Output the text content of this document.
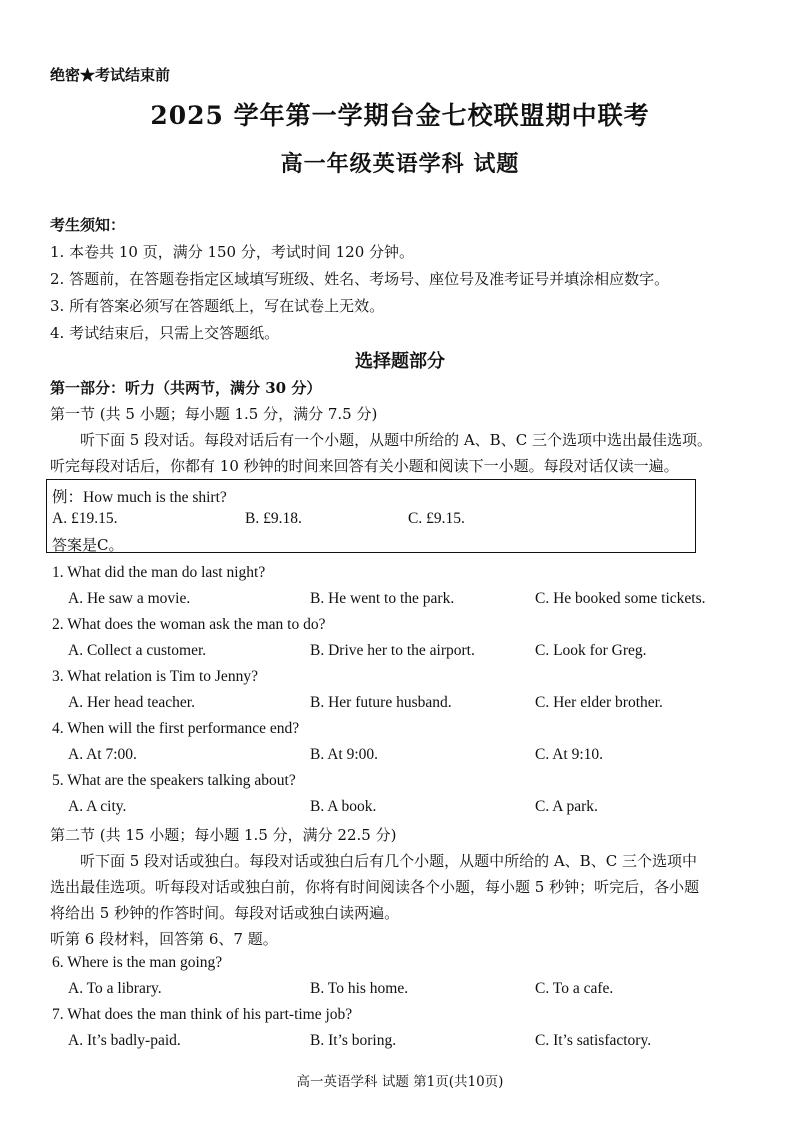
绝密★考试结束前
2025 学年第一学期台金七校联盟期中联考
高一年级英语学科 试题
考生须知：
1. 本卷共 10 页，满分 150 分，考试时间 120 分钟。
2. 答题前，在答题卷指定区域填写班级、姓名、考场号、座位号及准考证号并填涂相应数字。
3. 所有答案必须写在答题纸上，写在试卷上无效。
4. 考试结束后，只需上交答题纸。
选择题部分
第一部分：听力（共两节，满分 30 分）
第一节 (共 5 小题；每小题 1.5 分，满分 7.5 分)
听下面 5 段对话。每段对话后有一个小题，从题中所给的 A、B、C 三个选项中选出最佳选项。
听完每段对话后，你都有 10 秒钟的时间来回答有关小题和阅读下一小题。每段对话仅读一遍。
例：How much is the shirt?
A. £19.15.	B. £9.18.	C. £9.15.
答案是C。
1. What did the man do last night?
A. He saw a movie.	B. He went to the park.	C. He booked some tickets.
2. What does the woman ask the man to do?
A. Collect a customer.	B. Drive her to the airport.	C. Look for Greg.
3. What relation is Tim to Jenny?
A. Her head teacher.	B. Her future husband.	C. Her elder brother.
4. When will the first performance end?
A. At 7:00.	B. At 9:00.	C. At 9:10.
5. What are the speakers talking about?
A. A city.	B. A book.	C. A park.
第二节 (共 15 小题；每小题 1.5 分，满分 22.5 分)
听下面 5 段对话或独白。每段对话或独白后有几个小题，从题中所给的 A、B、C 三个选项中
选出最佳选项。听每段对话或独白前，你将有时间阅读各个小题，每小题 5 秒钟；听完后，各小题
将给出 5 秒钟的作答时间。每段对话或独白读两遍。
听第 6 段材料，回答第 6、7 题。
6. Where is the man going?
A. To a library.	B. To his home.	C. To a cafe.
7. What does the man think of his part-time job?
A. It’s badly-paid.	B. It’s boring.	C. It’s satisfactory.
高一英语学科 试题 第1页(共10页)
